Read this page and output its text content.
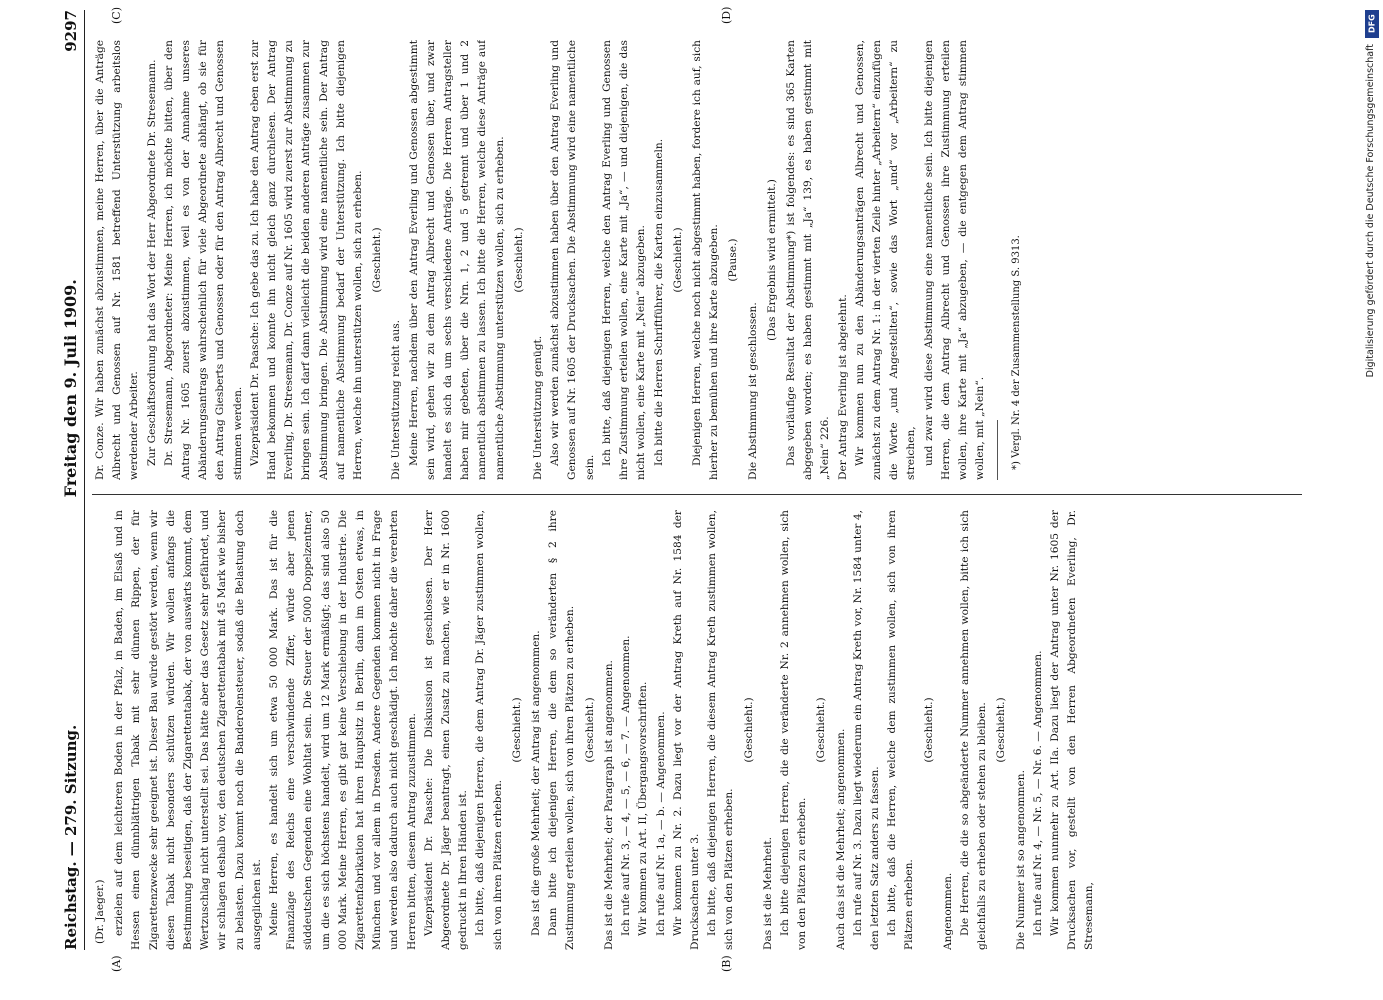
Reichstag. — 279. Sitzung.
Freitag den 9. Juli 1909.
9297
(A)	(B)
(C)	(D)
(Dr. Jaeger.) erzielen auf dem leichteren Boden in der Pfalz, in Baden, im Elsaß und in Hessen einen dünnblättrigen Tabak mit sehr dünnen Rippen, der für Zigarettenzwecke sehr geeignet ist. Dieser Bau würde gestört werden, wenn wir diesen Tabak nicht besonders schützen würden. Wir wollen anfangs die Bestimmung beseitigen, daß der Zigarettentabak, der von auswärts kommt, dem Wertzuschlag nicht unterstellt sei. Das hätte aber das Gesetz sehr gefährdet, und wir schlagen deshalb vor, den deutschen Zigarettentabak mit 45 Mark wie bisher zu belasten. Dazu kommt noch die Banderolensteuer, sodaß die Belastung doch ausgeglichen ist. Meine Herren, es handelt sich um etwa 50 000 Mark. Das ist für die Finanzlage des Reichs eine verschwindende Ziffer, würde aber jenen süddeutschen Gegenden eine Wohltat sein. Die Steuer der 5000 Doppelzentner, um die es sich höchstens handelt, wird um 12 Mark ermäßigt; das sind also 50 000 Mark. Meine Herren, es gibt gar keine Verschiebung in der Industrie. Die Zigarettenfabrikation hat ihren Hauptsitz in Berlin, dann im Osten etwas, in München und vor allem in Dresden. Andere Gegenden kommen nicht in Frage und werden also dadurch auch nicht geschädigt. Ich möchte daher die verehrten Herren bitten, diesem Antrag zuzustimmen. Vizepräsident Dr. Paasche: Die Diskussion ist geschlossen. Der Herr Abgeordnete Dr. Jäger beantragt, einen Zusatz zu machen, wie er in Nr. 1600 gedruckt in Ihren Händen ist. Ich bitte, daß diejenigen Herren, die dem Antrag Dr. Jäger zustimmen wollen, sich von ihren Plätzen erheben.

(Geschieht.) Das ist die große Mehrheit; der Antrag ist angenommen. Dann bitte ich diejenigen Herren, die dem so veränderten § 2 ihre Zustimmung erteilen wollen, sich von ihren Plätzen zu erheben. (Geschieht.) Das ist die Mehrheit; der Paragraph ist angenommen. Ich rufe auf Nr. 3, — 4, — 5, — 6, — 7. — Angenommen. Wir kommen zu Art. II, Übergangsvorschriften. Ich rufe auf Nr. 1a, — b. — Angenommen. Wir kommen zu Nr. 2. Dazu liegt vor der Antrag Kreth auf Nr. 1584 der Drucksachen unter 3. Ich bitte, daß diejenigen Herren, die diesem Antrag Kreth zustimmen wollen, sich von den Plätzen erheben.

(Geschieht.)

Das ist die Mehrheit. Ich bitte diejenigen Herren, die die veränderte Nr. 2 annehmen wollen, sich von den Plätzen zu erheben.

(Geschieht.) Auch das ist die Mehrheit; angenommen. Ich rufe auf Nr. 3. Dazu liegt wiederum ein Antrag Kreth vor, Nr. 1584 unter 4, den letzten Satz anders zu fassen. Ich bitte, daß die Herren, welche dem zustimmen wollen, sich von ihren Plätzen erheben.

(Geschieht.)

Angenommen. Die Herren, die die so abgeänderte Nummer annehmen wollen, bitte ich sich gleichfalls zu erheben oder stehen zu bleiben. (Geschieht.)

Die Nummer ist so angenommen. Ich rufe auf Nr. 4, — Nr. 5, — Nr. 6. — Angenommen. Wir kommen nunmehr zu Art. IIa. Dazu liegt der Antrag unter Nr. 1605 der Drucksachen vor, gestellt von den Herren Abgeordneten Everling, Dr. Stresemann,

Dr. Conze. Wir haben zunächst abzustimmen, meine Herren, über die Anträge Albrecht und Genossen auf Nr. 1581 betreffend Unterstützung arbeitslos werdender Arbeiter. Zur Geschäftsordnung hat das Wort der Herr Abgeordnete Dr. Stresemann. Dr. Stresemann, Abgeordneter: Meine Herren, ich möchte bitten, über den Antrag Nr. 1605 zuerst abzustimmen, weil es von der Annahme unseres Abänderungsantrags wahrscheinlich für viele Abgeordnete abhängt, ob sie für den Antrag Giesberts und Genossen oder für den Antrag Albrecht und Genossen stimmen werden. Vizepräsident Dr. Paasche: Ich gebe das zu. Ich habe den Antrag eben erst zur Hand bekommen und konnte ihn nicht gleich ganz durchlesen. Der Antrag Everling, Dr. Stresemann, Dr. Conze auf Nr. 1605 wird zuerst zur Abstimmung zu bringen sein. Ich darf dann vielleicht die beiden anderen Anträge zusammen zur Abstimmung bringen. Die Abstimmung wird eine namentliche sein. Der Antrag auf namentliche Abstimmung bedarf der Unterstützung. Ich bitte diejenigen Herren, welche ihn unterstützen wollen, sich zu erheben. (Geschieht.)

Die Unterstützung reicht aus. Meine Herren, nachdem über den Antrag Everling und Genossen abgestimmt sein wird, gehen wir zu dem Antrag Albrecht und Genossen über, und zwar handelt es sich da um sechs verschiedene Anträge. Die Herren Antragsteller haben mir gebeten, über die Nrn. 1, 2 und 5 getrennt und über 1 und 2 namentlich abstimmen zu lassen. Ich bitte die Herren, welche diese Anträge auf namentliche Abstimmung unterstützen wollen, sich zu erheben. (Geschieht.)

Die Unterstützung genügt. Also wir werden zunächst abzustimmen haben über den Antrag Everling und Genossen auf Nr. 1605 der Drucksachen. Die Abstimmung wird eine namentliche sein.

Ich bitte, daß diejenigen Herren, welche den Antrag Everling und Genossen ihre Zustimmung erteilen wollen, eine Karte mit „Ja“, — und diejenigen, die das nicht wollen, eine Karte mit „Nein“ abzugeben. Ich bitte die Herren Schriftführer, die Karten einzusammeln. (Geschieht.) Diejenigen Herren, welche noch nicht abgestimmt haben, fordere ich auf, sich hierher zu bemühen und ihre Karte abzugeben. (Pause.)

Die Abstimmung ist geschlossen.

(Das Ergebnis wird ermittelt.) Das vorläufige Resultat der Abstimmung*) ist folgendes: es sind 365 Karten abgegeben worden; es haben gestimmt mit „Ja“ 139, es haben gestimmt mit „Nein“ 226. Der Antrag Everling ist abgelehnt. Wir kommen nun zu den Abänderungsanträgen Albrecht und Genossen, zunächst zu dem Antrag Nr. 1: in der vierten Zeile hinter „Arbeitern“ einzufügen die Worte „und Angestellten“, sowie das Wort „und“ vor „Arbeitern“ zu streichen, und zwar wird diese Abstimmung eine namentliche sein. Ich bitte diejenigen Herren, die dem Antrag Albrecht und Genossen ihre Zustimmung erteilen wollen, ihre Karte mit „Ja“ abzugeben, — die entgegen dem Antrag stimmen wollen, mit „Nein“.	*) Vergl. Nr. 4 der Zusammenstellung S. 9313.

DFG
Digitalisierung gefördert durch die Deutsche Forschungsgemeinschaft
